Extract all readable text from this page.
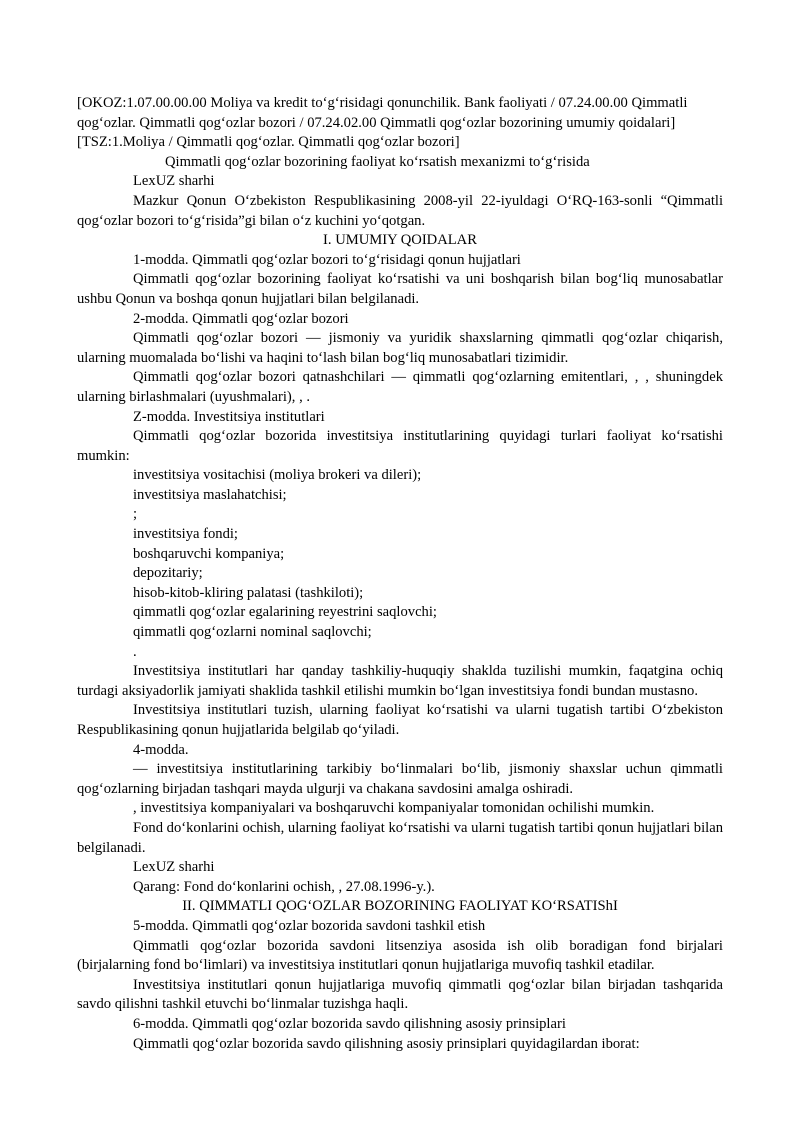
[OKOZ:1.07.00.00.00 Moliya va kredit to‘g‘risidagi qonunchilik. Bank faoliyati / 07.24.00.00 Qimmatli qog‘ozlar. Qimmatli qog‘ozlar bozori / 07.24.02.00 Qimmatli qog‘ozlar bozorining umumiy qoidalari][TSZ:1.Moliya / Qimmatli qog‘ozlar. Qimmatli qog‘ozlar bozori]

Qimmatli qog‘ozlar bozorining faoliyat ko‘rsatish mexanizmi to‘g‘risida

LexUZ sharhi

Mazkur Qonun O‘zbekiston Respublikasining 2008-yil 22-iyuldagi O‘RQ-163-sonli “Qimmatli qog‘ozlar bozori to‘g‘risida”gi bilan o‘z kuchini yo‘qotgan.

I. UMUMIY QOIDALAR

1-modda. Qimmatli qog‘ozlar bozori to‘g‘risidagi qonun hujjatlari

Qimmatli qog‘ozlar bozorining faoliyat ko‘rsatishi va uni boshqarish bilan bog‘liq munosabatlar ushbu Qonun va boshqa qonun hujjatlari bilan belgilanadi.

2-modda. Qimmatli qog‘ozlar bozori

Qimmatli qog‘ozlar bozori — jismoniy va yuridik shaxslarning qimmatli qog‘ozlar chiqarish, ularning muomalada bo‘lishi va haqini to‘lash bilan bog‘liq munosabatlari tizimidir.

Qimmatli qog‘ozlar bozori qatnashchilari — qimmatli qog‘ozlarning emitentlari, , , shuningdek ularning birlashmalari (uyushmalari), , .

Z-modda. Investitsiya institutlari

Qimmatli qog‘ozlar bozorida investitsiya institutlarining quyidagi turlari faoliyat ko‘rsatishi mumkin:

investitsiya vositachisi (moliya brokeri va dileri);

investitsiya maslahatchisi;

;

investitsiya fondi;

boshqaruvchi kompaniya;

depozitariy;

hisob-kitob-kliring palatasi (tashkiloti);

qimmatli qog‘ozlar egalarining reyestrini saqlovchi;

qimmatli qog‘ozlarni nominal saqlovchi;

.

Investitsiya institutlari har qanday tashkiliy-huquqiy shaklda tuzilishi mumkin, faqatgina ochiq turdagi aksiyadorlik jamiyati shaklida tashkil etilishi mumkin bo‘lgan investitsiya fondi bundan mustasno.

Investitsiya institutlari tuzish, ularning faoliyat ko‘rsatishi va ularni tugatish tartibi O‘zbekiston Respublikasining qonun hujjatlarida belgilab qo‘yiladi.

4-modda.

— investitsiya institutlarining tarkibiy bo‘linmalari bo‘lib, jismoniy shaxslar uchun qimmatli qog‘ozlarning birjadan tashqari mayda ulgurji va chakana savdosini amalga oshiradi.

, investitsiya kompaniyalari va boshqaruvchi kompaniyalar tomonidan ochilishi mumkin.

Fond do‘konlarini ochish, ularning faoliyat ko‘rsatishi va ularni tugatish tartibi qonun hujjatlari bilan belgilanadi.

LexUZ sharhi

Qarang: Fond do‘konlarini ochish, , 27.08.1996-y.).

II. QIMMATLI QOG‘OZLAR BOZORINING FAOLIYAT KO‘RSATIShI

5-modda. Qimmatli qog‘ozlar bozorida savdoni tashkil etish

Qimmatli qog‘ozlar bozorida savdoni litsenziya asosida ish olib boradigan fond birjalari (birjalarning fond bo‘limlari) va investitsiya institutlari qonun hujjatlariga muvofiq tashkil etadilar.

Investitsiya institutlari qonun hujjatlariga muvofiq qimmatli qog‘ozlar bilan birjadan tashqarida savdo qilishni tashkil etuvchi bo‘linmalar tuzishga haqli.

6-modda. Qimmatli qog‘ozlar bozorida savdo qilishning asosiy prinsiplari

Qimmatli qog‘ozlar bozorida savdo qilishning asosiy prinsiplari quyidagilardan iborat:
